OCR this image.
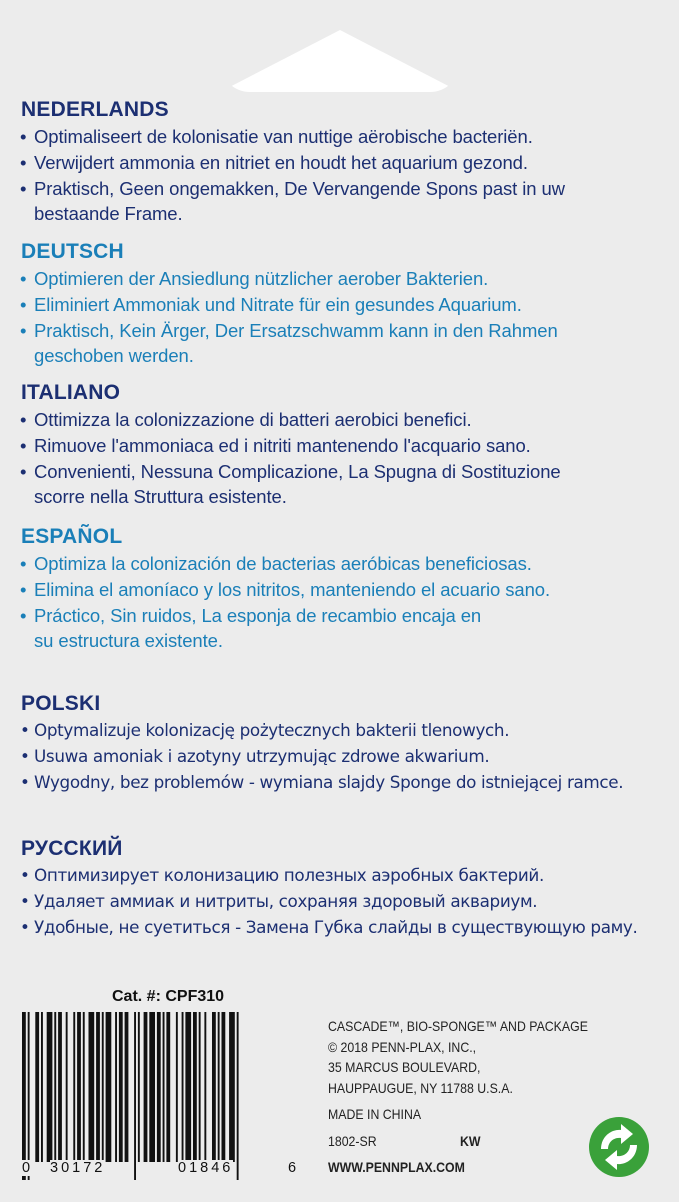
NEDERLANDS
• Optimaliseert de kolonisatie van nuttige aërobische bacteriën.
• Verwijdert ammonia en nitriet en houdt het aquarium gezond.
• Praktisch, Geen ongemakken, De Vervangende Spons past in uw bestaande Frame.
DEUTSCH
• Optimieren der Ansiedlung nützlicher aerober Bakterien.
• Eliminiert Ammoniak und Nitrate für ein gesundes Aquarium.
• Praktisch, Kein Ärger, Der Ersatzschwamm kann in den Rahmen geschoben werden.
ITALIANO
• Ottimizza la colonizzazione di batteri aerobici benefici.
• Rimuove l'ammoniaca ed i nitriti mantenendo l'acquario sano.
• Convenienti, Nessuna Complicazione, La Spugna di Sostituzione scorre nella Struttura esistente.
ESPAÑOL
• Optimiza la colonización de bacterias aeróbicas beneficiosas.
• Elimina el amoníaco y los nitritos, manteniendo el acuario sano.
• Práctico, Sin ruidos, La esponja de recambio encaja en su estructura existente.
POLSKI
• Optymalizuje kolonizację pożytecznych bakterii tlenowych.
• Usuwa amoniak i azotyny utrzymując zdrowe akwarium.
• Wygodny, bez problemów - wymiana slajdy Sponge do istniejącej ramce.
РУССКИЙ
• Оптимизирует колонизацию полезных аэробных бактерий.
• Удаляет аммиак и нитриты, сохраняя здоровый аквариум.
• Удобные, не суетиться - Замена Губка слайды в существующую раму.
Cat. #: CPF310
0 30172	01846	6
CASCADE™, BIO-SPONGE™ AND PACKAGE
© 2018 PENN-PLAX, INC.,
35 MARCUS BOULEVARD,
HAUPPAUGUE, NY 11788 U.S.A.
MADE IN CHINA
1802-SR	KW
WWW.PENNPLAX.COM
